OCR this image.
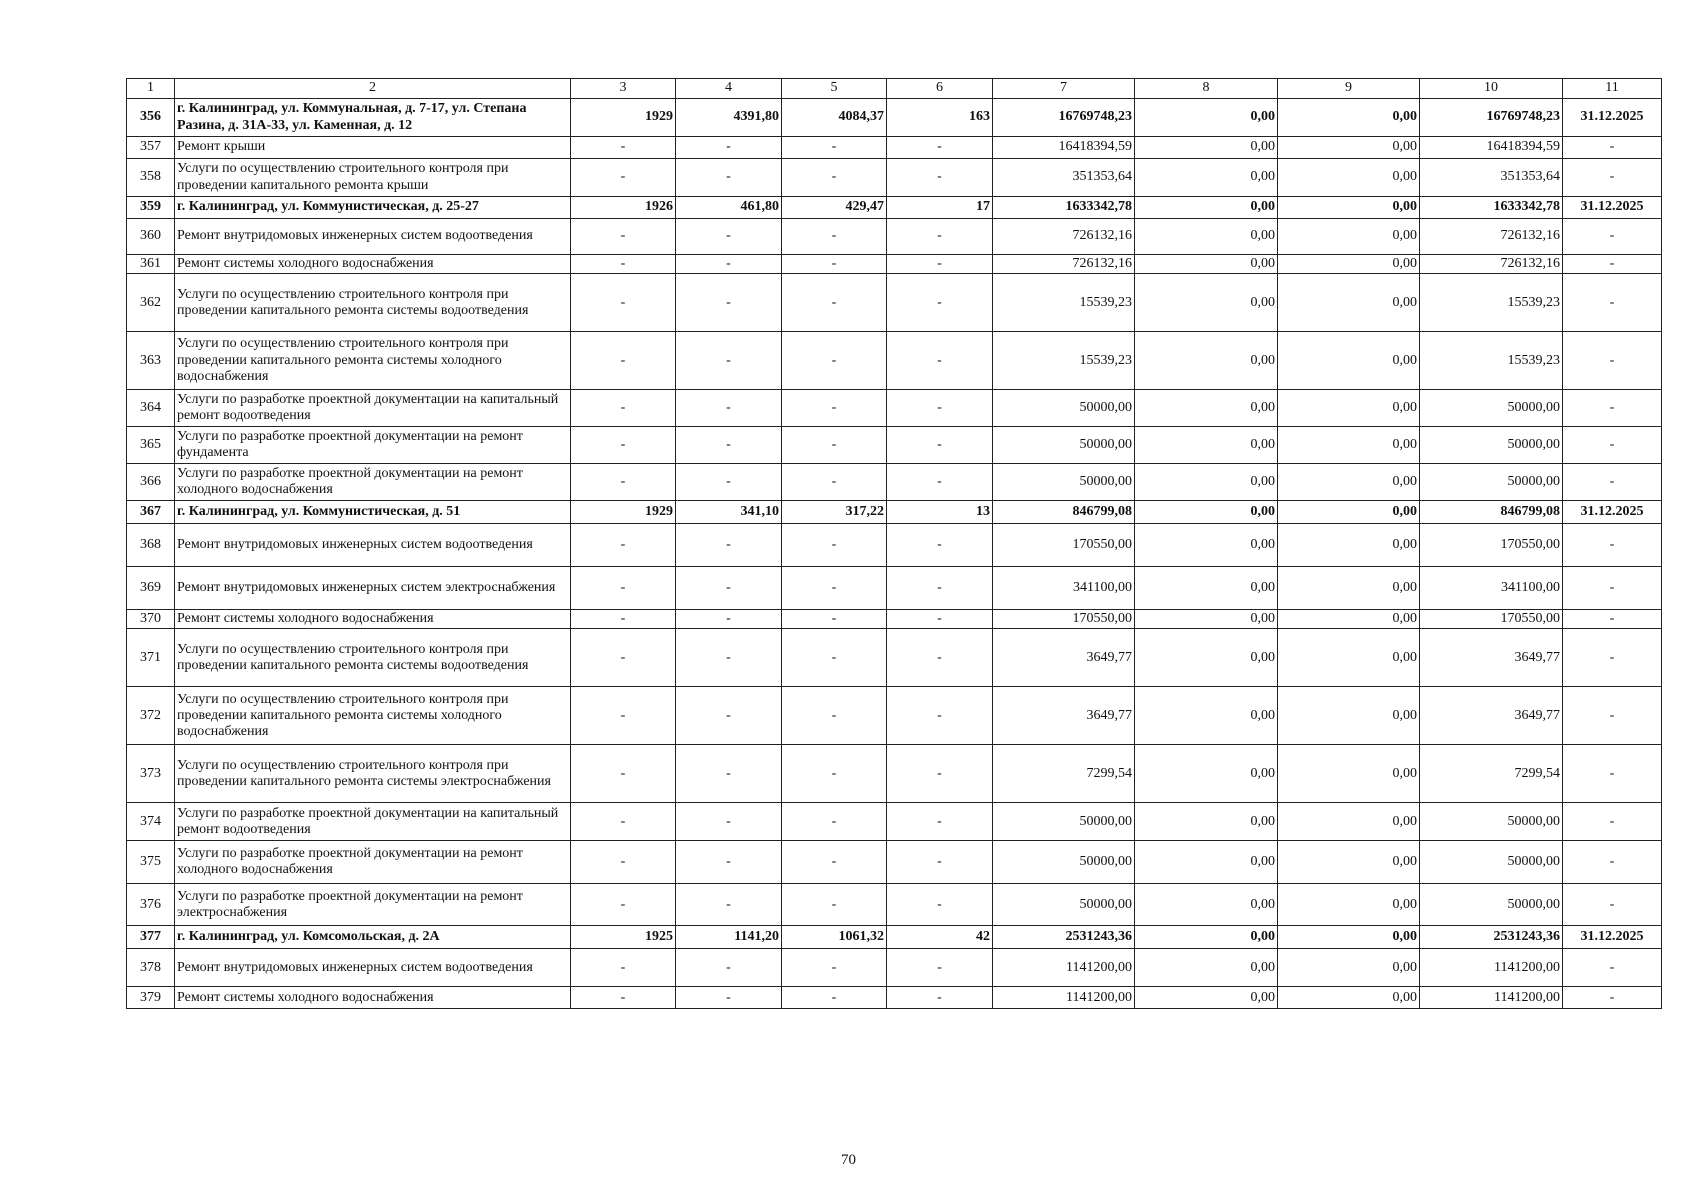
1	2	3	4	5	6	7	8	9	10	11
356	г. Калининград, ул. Коммунальная, д. 7-17, ул. Степана Разина, д. 31А-33, ул. Каменная, д. 12	1929	4391,80	4084,37	163	16769748,23	0,00	0,00	16769748,23	31.12.2025
357	Ремонт крыши	-	-	-	-	16418394,59	0,00	0,00	16418394,59	-
358	Услуги по осуществлению строительного контроля при проведении капитального ремонта крыши	-	-	-	-	351353,64	0,00	0,00	351353,64	-
359	г. Калининград, ул. Коммунистическая, д. 25-27	1926	461,80	429,47	17	1633342,78	0,00	0,00	1633342,78	31.12.2025
360	Ремонт внутридомовых инженерных систем водоотведения	-	-	-	-	726132,16	0,00	0,00	726132,16	-
361	Ремонт системы холодного водоснабжения	-	-	-	-	726132,16	0,00	0,00	726132,16	-
362	Услуги по осуществлению строительного контроля при проведении капитального ремонта системы водоотведения	-	-	-	-	15539,23	0,00	0,00	15539,23	-
363	Услуги по осуществлению строительного контроля при проведении капитального ремонта системы холодного водоснабжения	-	-	-	-	15539,23	0,00	0,00	15539,23	-
364	Услуги по разработке проектной документации на капитальный ремонт водоотведения	-	-	-	-	50000,00	0,00	0,00	50000,00	-
365	Услуги по разработке проектной документации на ремонт фундамента	-	-	-	-	50000,00	0,00	0,00	50000,00	-
366	Услуги по разработке проектной документации на ремонт холодного водоснабжения	-	-	-	-	50000,00	0,00	0,00	50000,00	-
367	г. Калининград, ул. Коммунистическая, д. 51	1929	341,10	317,22	13	846799,08	0,00	0,00	846799,08	31.12.2025
368	Ремонт внутридомовых инженерных систем водоотведения	-	-	-	-	170550,00	0,00	0,00	170550,00	-
369	Ремонт внутридомовых инженерных систем электроснабжения	-	-	-	-	341100,00	0,00	0,00	341100,00	-
370	Ремонт системы холодного водоснабжения	-	-	-	-	170550,00	0,00	0,00	170550,00	-
371	Услуги по осуществлению строительного контроля при проведении капитального ремонта системы водоотведения	-	-	-	-	3649,77	0,00	0,00	3649,77	-
372	Услуги по осуществлению строительного контроля при проведении капитального ремонта системы холодного водоснабжения	-	-	-	-	3649,77	0,00	0,00	3649,77	-
373	Услуги по осуществлению строительного контроля при проведении капитального ремонта системы электроснабжения	-	-	-	-	7299,54	0,00	0,00	7299,54	-
374	Услуги по разработке проектной документации на капитальный ремонт водоотведения	-	-	-	-	50000,00	0,00	0,00	50000,00	-
375	Услуги по разработке проектной документации на ремонт холодного водоснабжения	-	-	-	-	50000,00	0,00	0,00	50000,00	-
376	Услуги по разработке проектной документации на ремонт электроснабжения	-	-	-	-	50000,00	0,00	0,00	50000,00	-
377	г. Калининград, ул. Комсомольская, д. 2А	1925	1141,20	1061,32	42	2531243,36	0,00	0,00	2531243,36	31.12.2025
378	Ремонт внутридомовых инженерных систем водоотведения	-	-	-	-	1141200,00	0,00	0,00	1141200,00	-
379	Ремонт системы холодного водоснабжения	-	-	-	-	1141200,00	0,00	0,00	1141200,00	-
70
